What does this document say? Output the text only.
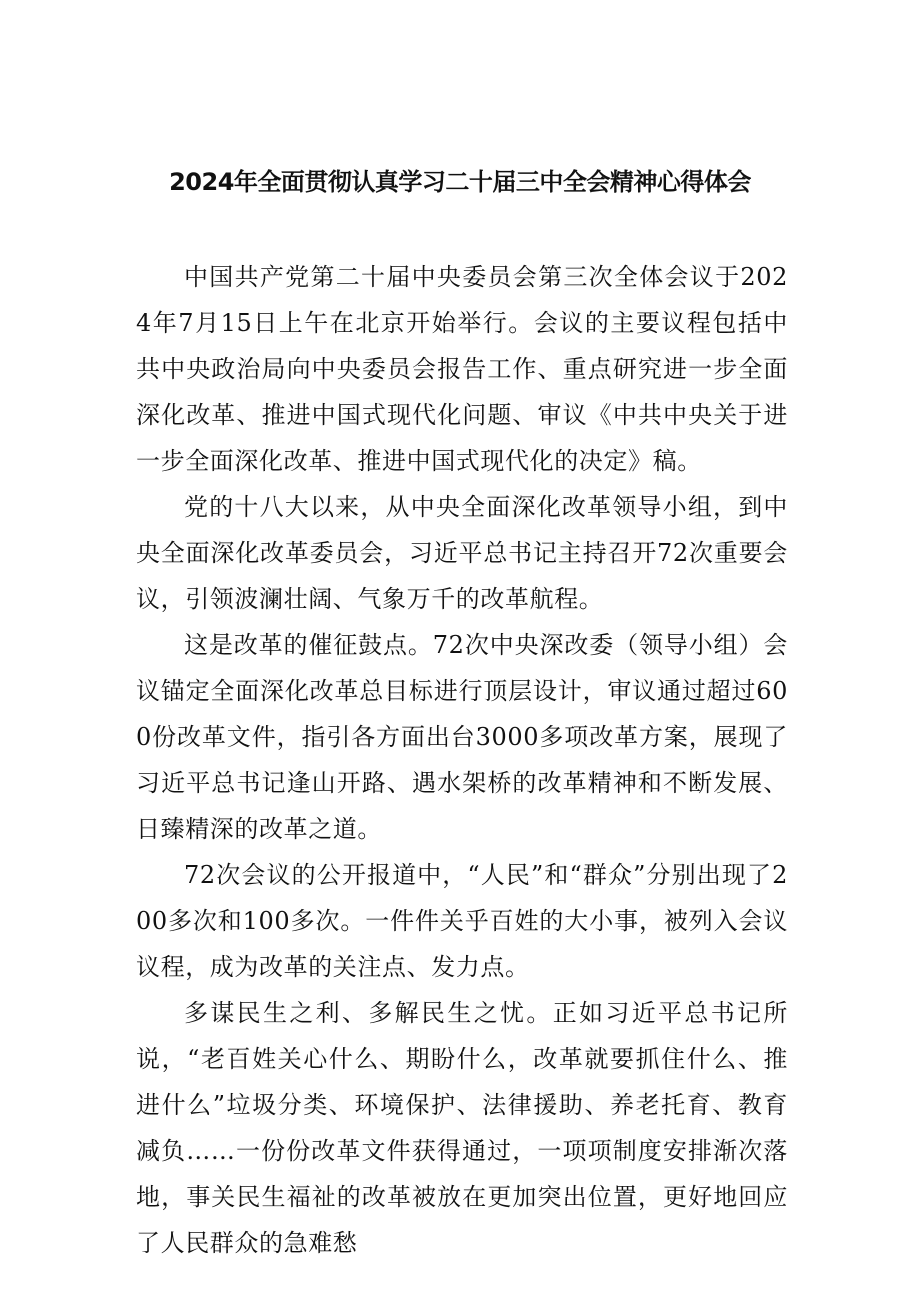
2024年全面贯彻认真学习二十届三中全会精神心得体会

中国共产党第二十届中央委员会第三次全体会议于2024年7月15日上午在北京开始举行。会议的主要议程包括中共中央政治局向中央委员会报告工作、重点研究进一步全面深化改革、推进中国式现代化问题、审议《中共中央关于进一步全面深化改革、推进中国式现代化的决定》稿。

党的十八大以来，从中央全面深化改革领导小组，到中央全面深化改革委员会，习近平总书记主持召开72次重要会议，引领波澜壮阔、气象万千的改革航程。

这是改革的催征鼓点。72次中央深改委（领导小组）会议锚定全面深化改革总目标进行顶层设计，审议通过超过600份改革文件，指引各方面出台3000多项改革方案，展现了习近平总书记逢山开路、遇水架桥的改革精神和不断发展、日臻精深的改革之道。

72次会议的公开报道中，“人民”和“群众”分别出现了200多次和100多次。一件件关乎百姓的大小事，被列入会议议程，成为改革的关注点、发力点。

多谋民生之利、多解民生之忧。正如习近平总书记所说，“老百姓关心什么、期盼什么，改革就要抓住什么、推进什么”垃圾分类、环境保护、法律援助、养老托育、教育减负……一份份改革文件获得通过，一项项制度安排渐次落地，事关民生福祉的改革被放在更加突出位置，更好地回应了人民群众的急难愁
